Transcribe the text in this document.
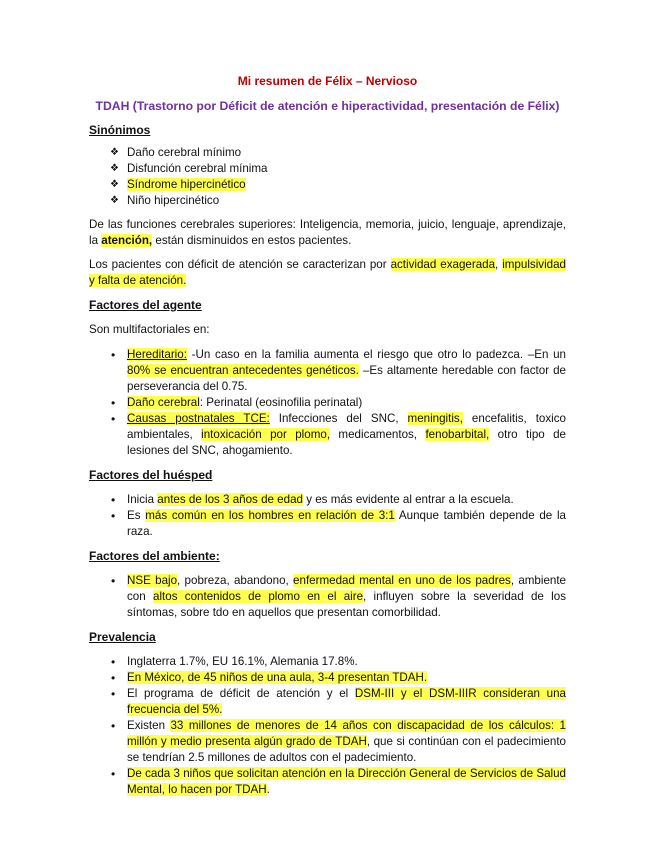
Mi resumen de Félix – Nervioso
TDAH (Trastorno por Déficit de atención e hiperactividad, presentación de Félix)
Sinónimos
❖ Daño cerebral mínimo
❖ Disfunción cerebral mínima
❖ Síndrome hipercinético
❖ Niño hipercinético

De las funciones cerebrales superiores: Inteligencia, memoria, juicio, lenguaje, aprendizaje, la atención, están disminuidos en estos pacientes.

Los pacientes con déficit de atención se caracterizan por actividad exagerada, impulsividad y falta de atención.

Factores del agente

Son multifactoriales en:

• Hereditario: -Un caso en la familia aumenta el riesgo que otro lo padezca. –En un 80% se encuentran antecedentes genéticos. –Es altamente heredable con factor de perseverancia del 0.75.
• Daño cerebral: Perinatal (eosinofilia perinatal)
• Causas postnatales TCE: Infecciones del SNC, meningitis, encefalitis, toxico ambientales, intoxicación por plomo, medicamentos, fenobarbital, otro tipo de lesiones del SNC, ahogamiento.
Factores del huésped
• Inicia antes de los 3 años de edad y es más evidente al entrar a la escuela.
• Es más común en los hombres en relación de 3:1 Aunque también depende de la raza.
Factores del ambiente:
• NSE bajo, pobreza, abandono, enfermedad mental en uno de los padres, ambiente con altos contenidos de plomo en el aire, influyen sobre la severidad de los síntomas, sobre tdo en aquellos que presentan comorbilidad.
Prevalencia
• Inglaterra 1.7%, EU 16.1%, Alemania 17.8%.
• En México, de 45 niños de una aula, 3-4 presentan TDAH.
• El programa de déficit de atención y el DSM-III y el DSM-IIIR consideran una frecuencia del 5%.
• Existen 33 millones de menores de 14 años con discapacidad de los cálculos: 1 millón y medio presenta algún grado de TDAH, que si continúan con el padecimiento se tendrían 2.5 millones de adultos con el padecimiento.
• De cada 3 niños que solicitan atención en la Dirección General de Servicios de Salud Mental, lo hacen por TDAH.
